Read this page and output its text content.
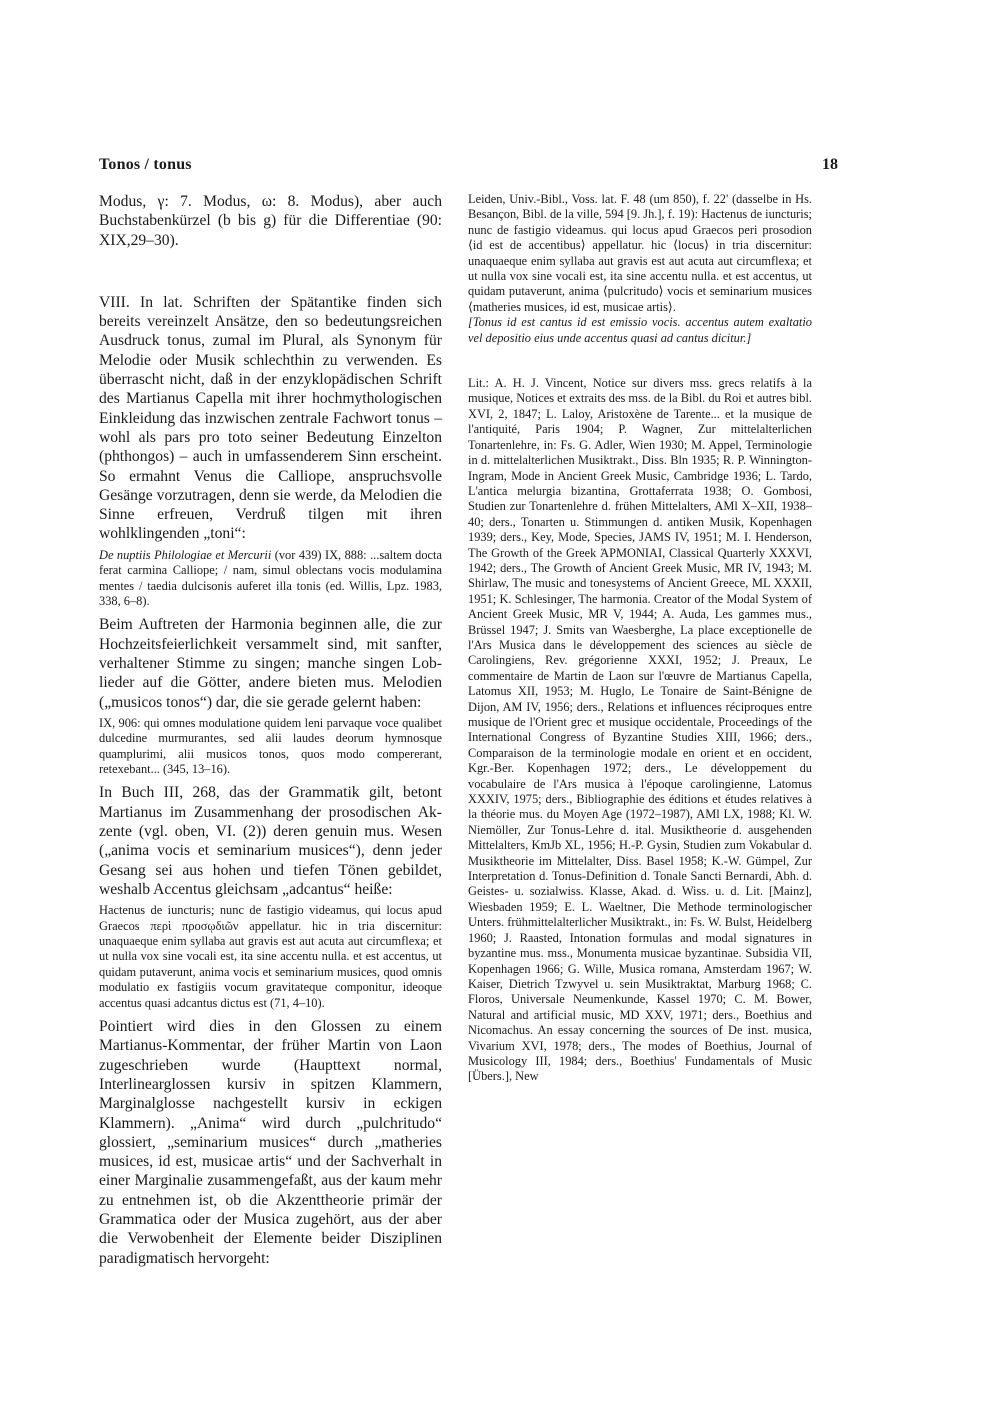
Tonos / tonus	18

Modus, γ: 7. Modus, ω: 8. Modus), aber auch Buchstabenkürzel (b bis g) für die Differentiae (90: XIX,29–30).

VIII. In lat. Schriften der Spätantike finden sich bereits vereinzelt Ansätze, den so bedeutungsreichen Ausdruck tonus, zumal im Plural, als Synonym für Melodie oder Musik schlechthin zu verwenden. Es überrascht nicht, daß in der enzyklopädischen Schrift des Martianus Capella mit ihrer hochmythologischen Einkleidung das inzwischen zentrale Fachwort tonus – wohl als pars pro toto seiner Bedeutung Einzelton (phthongos) – auch in umfassenderem Sinn erscheint. So ermahnt Venus die Calliope, anspruchsvolle Gesänge vorzutragen, denn sie werde, da Melodien die Sinne erfreuen, Verdruß tilgen mit ihren wohlklingenden „toni“:

De nuptiis Philologiae et Mercurii (vor 439) IX, 888: ...saltem docta ferat carmina Calliope; / nam, simul oblectans vocis modulamina mentes / taedia dulcisonis auferet illa tonis (ed. Willis, Lpz. 1983, 338, 6–8).

Beim Auftreten der Harmonia beginnen alle, die zur Hochzeitsfeierlichkeit versammelt sind, mit sanfter, verhaltener Stimme zu singen; manche singen Loblieder auf die Götter, andere bieten mus. Melodien („musicos tonos“) dar, die sie gerade gelernt haben:

IX, 906: qui omnes modulatione quidem leni parvaque voce qualibet dulcedine murmurantes, sed alii laudes deorum hymnosque quamplurimi, alii musicos tonos, quos modo compererant, retexebant... (345, 13–16).

In Buch III, 268, das der Grammatik gilt, betont Martianus im Zusammenhang der prosodischen Akzente (vgl. oben, VI. (2)) deren genuin mus. Wesen („anima vocis et seminarium musices“), denn jeder Gesang sei aus hohen und tiefen Tönen gebildet, weshalb Accentus gleichsam „adcantus“ heiße:

Hactenus de iuncturis; nunc de fastigio videamus, qui locus apud Graecos περὶ προσῳδιῶν appellatur. hic in tria discernitur: unaquaeque enim syllaba aut gravis est aut acuta aut circumflexa; et ut nulla vox sine vocali est, ita sine accentu nulla. et est accentus, ut quidam putaverunt, anima vocis et seminarium musices, quod omnis modulatio ex fastigiis vocum gravitateque componitur, ideoque accentus quasi adcantus dictus est (71, 4–10).

Pointiert wird dies in den Glossen zu einem Martianus-Kommentar, der früher Martin von Laon zugeschrieben wurde (Haupttext normal, Interlinearglossen kursiv in spitzen Klammern, Marginalglosse nachgestellt kursiv in eckigen Klammern). „Anima“ wird durch „pulchritudo“ glossiert, „seminarium musices“ durch „matheries musices, id est, musicae artis“ und der Sachverhalt in einer Marginalie zusammengefaßt, aus der kaum mehr zu entnehmen ist, ob die Akzenttheorie primär der Grammatica oder der Musica zugehört, aus der aber die Verwobenheit der Elemente beider Disziplinen paradigmatisch hervorgeht:

Leiden, Univ.-Bibl., Voss. lat. F. 48 (um 850), f. 22' (dasselbe in Hs. Besançon, Bibl. de la ville, 594 [9. Jh.], f. 19): Hactenus de iuncturis; nunc de fastigio videamus. qui locus apud Graecos peri prosodion ⟨id est de accentibus⟩ appellatur. hic ⟨locus⟩ in tria discernitur: unaquaeque enim syllaba aut gravis est aut acuta aut circumflexa; et ut nulla vox sine vocali est, ita sine accentu nulla. et est accentus, ut quidam putaverunt, anima ⟨pulcritudo⟩ vocis et seminarium musices ⟨matheries musices, id est, musicae artis⟩.

[Tonus id est cantus id est emissio vocis. accentus autem exaltatio vel depositio eius unde accentus quasi ad cantus dicitur.]

Lit.: A. H. J. Vincent, Notice sur divers mss. grecs relatifs à la musique, Notices et extraits des mss. de la Bibl. du Roi et autres bibl. XVI, 2, 1847; L. Laloy, Aristoxène de Tarente... et la musique de l'antiquité, Paris 1904; P. Wagner, Zur mittelalterlichen Tonartenlehre, in: Fs. G. Adler, Wien 1930; M. Appel, Terminologie in d. mittelalterlichen Musiktrakt., Diss. Bln 1935; R. P. Winnington-Ingram, Mode in Ancient Greek Music, Cambridge 1936; L. Tardo, L'antica melurgia bizantina, Grottaferrata 1938; O. Gombosi, Studien zur Tonartenlehre d. frühen Mittelalters, AMl X–XII, 1938–40; ders., Tonarten u. Stimmungen d. antiken Musik, Kopenhagen 1939; ders., Key, Mode, Species, JAMS IV, 1951; M. I. Henderson, The Growth of the Greek ἉΡΜΟΝΙΑΙ, Classical Quarterly XXXVI, 1942; ders., The Growth of Ancient Greek Music, MR IV, 1943; M. Shirlaw, The music and tonesystems of Ancient Greece, ML XXXII, 1951; K. Schlesinger, The harmonia. Creator of the Modal System of Ancient Greek Music, MR V, 1944; A. Auda, Les gammes mus., Brüssel 1947; J. Smits van Waesberghe, La place exceptionelle de l'Ars Musica dans le développement des sciences au siècle de Carolingiens, Rev. grégorienne XXXI, 1952; J. Preaux, Le commentaire de Martin de Laon sur l'œuvre de Martianus Capella, Latomus XII, 1953; M. Huglo, Le Tonaire de Saint-Bénigne de Dijon, AM IV, 1956; ders., Relations et influences réciproques entre musique de l'Orient grec et musique occidentale, Proceedings of the International Congress of Byzantine Studies XIII, 1966; ders., Comparaison de la terminologie modale en orient et en occident, Kgr.-Ber. Kopenhagen 1972; ders., Le développement du vocabulaire de l'Ars musica à l'époque carolingienne, Latomus XXXIV, 1975; ders., Bibliographie des éditions et études relatives à la théorie mus. du Moyen Age (1972–1987), AMl LX, 1988; Kl. W. Niemöller, Zur Tonus-Lehre d. ital. Musiktheorie d. ausgehenden Mittelalters, KmJb XL, 1956; H.-P. Gysin, Studien zum Vokabular d. Musiktheorie im Mittelalter, Diss. Basel 1958; K.-W. Gümpel, Zur Interpretation d. Tonus-Definition d. Tonale Sancti Bernardi, Abh. d. Geistes- u. sozialwiss. Klasse, Akad. d. Wiss. u. d. Lit. [Mainz], Wiesbaden 1959; E. L. Waeltner, Die Methode terminologischer Unters. frühmittelalterlicher Musiktrakt., in: Fs. W. Bulst, Heidelberg 1960; J. Raasted, Intonation formulas and modal signatures in byzantine mus. mss., Monumenta musicae byzantinae. Subsidia VII, Kopenhagen 1966; G. Wille, Musica romana, Amsterdam 1967; W. Kaiser, Dietrich Tzwyvel u. sein Musiktraktat, Marburg 1968; C. Floros, Universale Neumenkunde, Kassel 1970; C. M. Bower, Natural and artificial music, MD XXV, 1971; ders., Boethius and Nicomachus. An essay concerning the sources of De inst. musica, Vivarium XVI, 1978; ders., The modes of Boethius, Journal of Musicology III, 1984; ders., Boethius' Fundamentals of Music [Übers.], New
